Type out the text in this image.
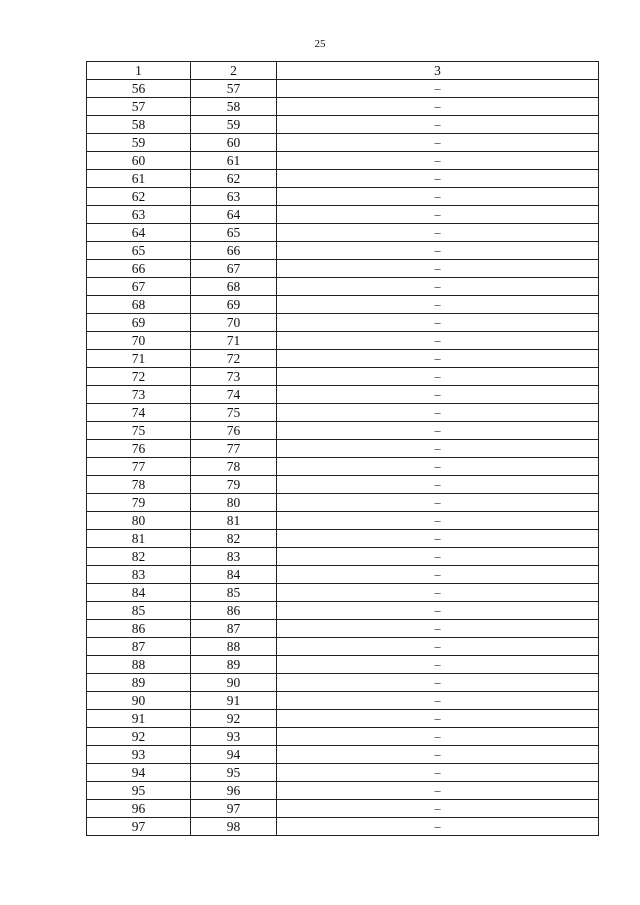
25
1	2	3
56	57	–
57	58	–
58	59	–
59	60	–
60	61	–
61	62	–
62	63	–
63	64	–
64	65	–
65	66	–
66	67	–
67	68	–
68	69	–
69	70	–
70	71	–
71	72	–
72	73	–
73	74	–
74	75	–
75	76	–
76	77	–
77	78	–
78	79	–
79	80	–
80	81	–
81	82	–
82	83	–
83	84	–
84	85	–
85	86	–
86	87	–
87	88	–
88	89	–
89	90	–
90	91	–
91	92	–
92	93	–
93	94	–
94	95	–
95	96	–
96	97	–
97	98	–
